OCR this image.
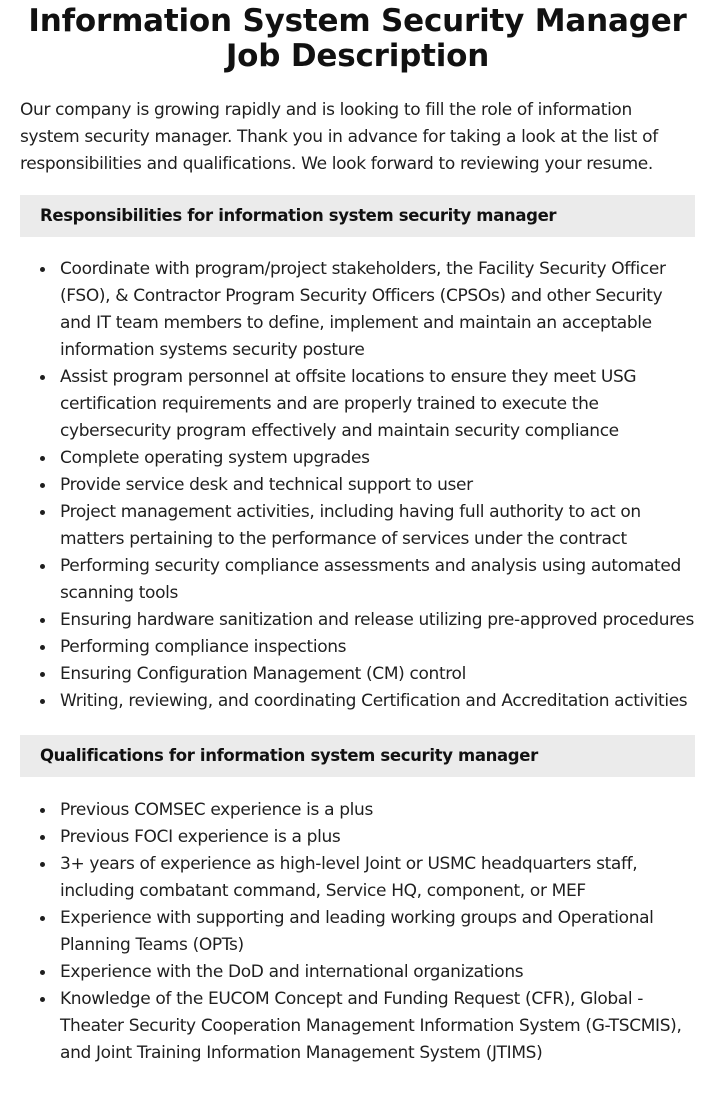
Information System Security Manager Job Description

Our company is growing rapidly and is looking to fill the role of information system security manager. Thank you in advance for taking a look at the list of responsibilities and qualifications. We look forward to reviewing your resume.

Responsibilities for information system security manager
Coordinate with program/project stakeholders, the Facility Security Officer (FSO), & Contractor Program Security Officers (CPSOs) and other Security and IT team members to define, implement and maintain an acceptable information systems security posture
Assist program personnel at offsite locations to ensure they meet USG certification requirements and are properly trained to execute the cybersecurity program effectively and maintain security compliance
Complete operating system upgrades
Provide service desk and technical support to user
Project management activities, including having full authority to act on matters pertaining to the performance of services under the contract
Performing security compliance assessments and analysis using automated scanning tools
Ensuring hardware sanitization and release utilizing pre-approved procedures
Performing compliance inspections
Ensuring Configuration Management (CM) control
Writing, reviewing, and coordinating Certification and Accreditation activities
Qualifications for information system security manager
Previous COMSEC experience is a plus
Previous FOCI experience is a plus
3+ years of experience as high-level Joint or USMC headquarters staff, including combatant command, Service HQ, component, or MEF
Experience with supporting and leading working groups and Operational Planning Teams (OPTs)
Experience with the DoD and international organizations
Knowledge of the EUCOM Concept and Funding Request (CFR), Global - Theater Security Cooperation Management Information System (G-TSCMIS), and Joint Training Information Management System (JTIMS)
